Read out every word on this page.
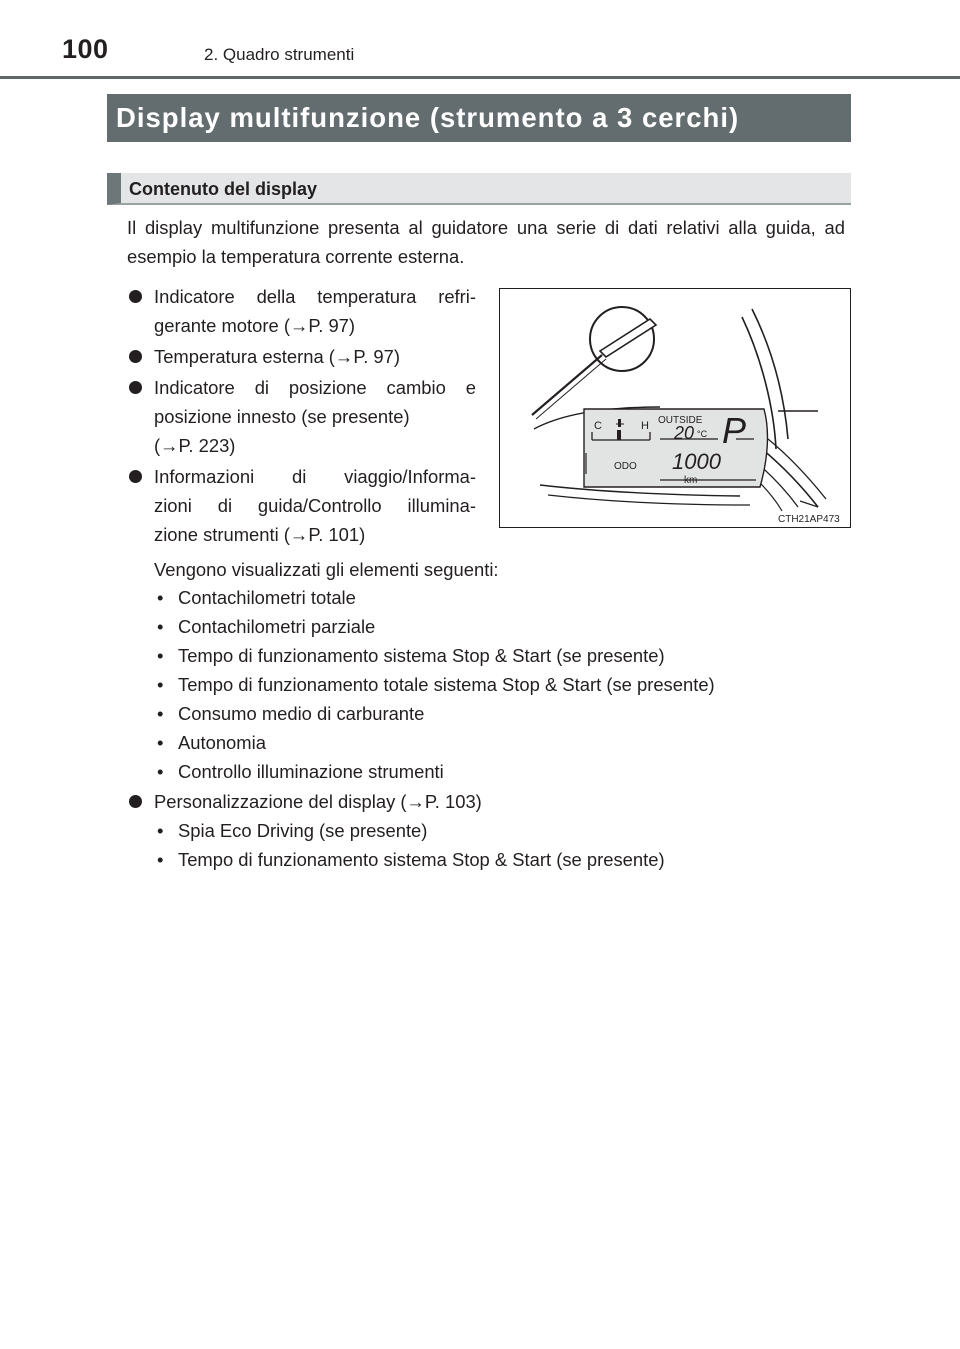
100	2. Quadro strumenti
Display multifunzione (strumento a 3 cerchi)
Contenuto del display
Il display multifunzione presenta al guidatore una serie di dati relativi alla guida, ad esempio la temperatura corrente esterna.
Indicatore della temperatura refri-
gerante motore (→P. 97)
Temperatura esterna (→P. 97)
Indicatore di posizione cambio e
posizione innesto (se presente)
(→P. 223)
Informazioni di viaggio/Informa-
zioni di guida/Controllo illumina-
zione strumenti (→P. 101)
C	H OUTSIDE
20 °C P
ODO 1000
km
CTH21AP473
Vengono visualizzati gli elementi seguenti:
• Contachilometri totale
• Contachilometri parziale
• Tempo di funzionamento sistema Stop & Start (se presente)
• Tempo di funzionamento totale sistema Stop & Start (se presente)
• Consumo medio di carburante
• Autonomia
• Controllo illuminazione strumenti
Personalizzazione del display (→P. 103)
• Spia Eco Driving (se presente)
• Tempo di funzionamento sistema Stop & Start (se presente)
